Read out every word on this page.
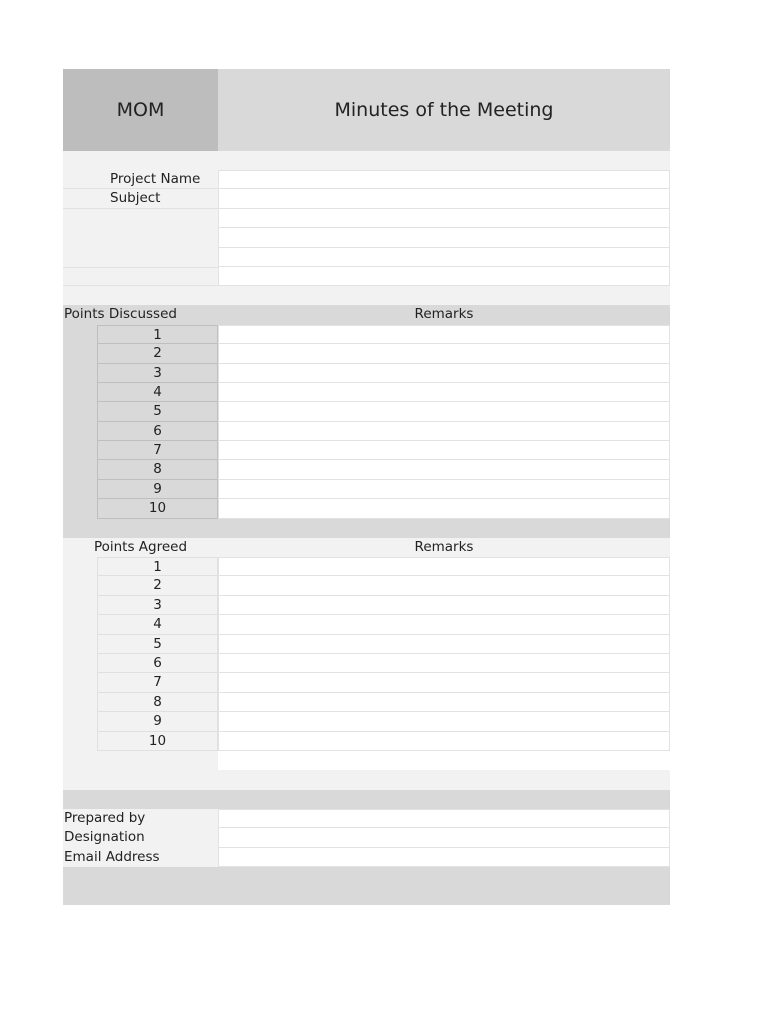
MOM	Minutes of the Meeting
Project Name
Subject
Points Discussed	Remarks
1
2
3
4
5
6
7
8
9
10
Points Agreed	Remarks
1
2
3
4
5
6
7
8
9
10
Prepared by
Designation
Email Address
